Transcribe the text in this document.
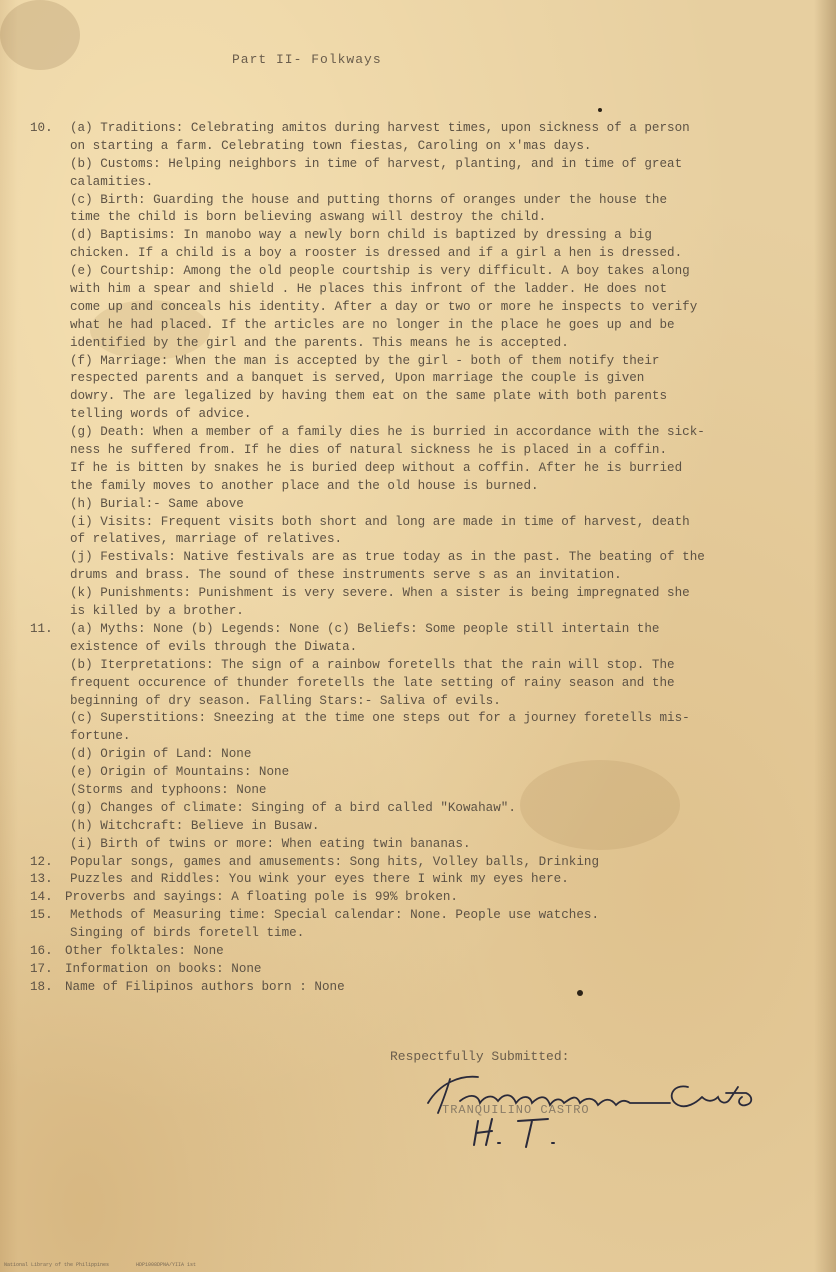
Part II- Folkways
10.	(a) Traditions: Celebrating amitos during harvest times, upon sickness of a person
on starting a farm. Celebrating town fiestas, Caroling on x'mas days.
(b) Customs: Helping neighbors in time of harvest, planting, and in time of great
calamities.
(c) Birth: Guarding the house and putting thorns of oranges under the house the
time the child is born believing aswang will destroy the child.
(d) Baptisims: In manobo way a newly born child is baptized by dressing a big
chicken. If a child is a boy a rooster is dressed and if a girl a hen is dressed.
(e) Courtship: Among the old people courtship is very difficult. A boy takes along
with him a spear and shield . He places this infront of the ladder. He does not
come up and conceals his identity. After a day or two or more he inspects to verify
what he had placed. If the articles are no longer in the place he goes up and be
identified by the girl and the parents. This means he is accepted.
(f) Marriage: When the man is accepted by the girl - both of them notify their
respected parents and a banquet is served, Upon marriage the couple is given
dowry. The are legalized by having them eat on the same plate with both parents
telling words of advice.
(g) Death: When a member of a family dies he is burried in accordance with the sick-
ness he suffered from. If he dies of natural sickness he is placed in a coffin.
If he is bitten by snakes he is buried deep without a coffin. After he is burried
the family moves to another place and the old house is burned.
(h) Burial:- Same above
(i) Visits: Frequent visits both short and long are made in time of harvest, death
of relatives, marriage of relatives.
(j) Festivals: Native festivals are as true today as in the past. The beating of the
drums and brass. The sound of these instruments serve s as an invitation.
(k) Punishments: Punishment is very severe. When a sister is being impregnated she
is killed by a brother.
11.	(a) Myths: None (b) Legends: None (c) Beliefs: Some people still intertain the
existence of evils through the Diwata.
(b) Iterpretations: The sign of a rainbow foretells that the rain will stop. The
frequent occurence of thunder foretells the late setting of rainy season and the
beginning of dry season. Falling Stars:- Saliva of evils.
(c) Superstitions: Sneezing at the time one steps out for a journey foretells mis-
fortune.
(d) Origin of Land: None
(e) Origin of Mountains: None
(Storms and typhoons: None
(g) Changes of climate: Singing of a bird called "Kowahaw".
(h) Witchcraft: Believe in Busaw.
(i) Birth of twins or more: When eating twin bananas.
12.	Popular songs, games and amusements: Song hits, Volley balls, Drinking
13.	Puzzles and Riddles: You wink your eyes there I wink my eyes here.
14. Proverbs and sayings: A floating pole is 99% broken.
15.	Methods of Measuring time: Special calendar: None. People use watches.
Singing of birds foretell time.
16. Other folktales: None
17. Information on books: None
18. Name of Filipinos authors born : None
Respectfully Submitted:
TRANQUILINO CASTRO
National Library of the Philippines	HDP1008DPNA/YIIA 1st
